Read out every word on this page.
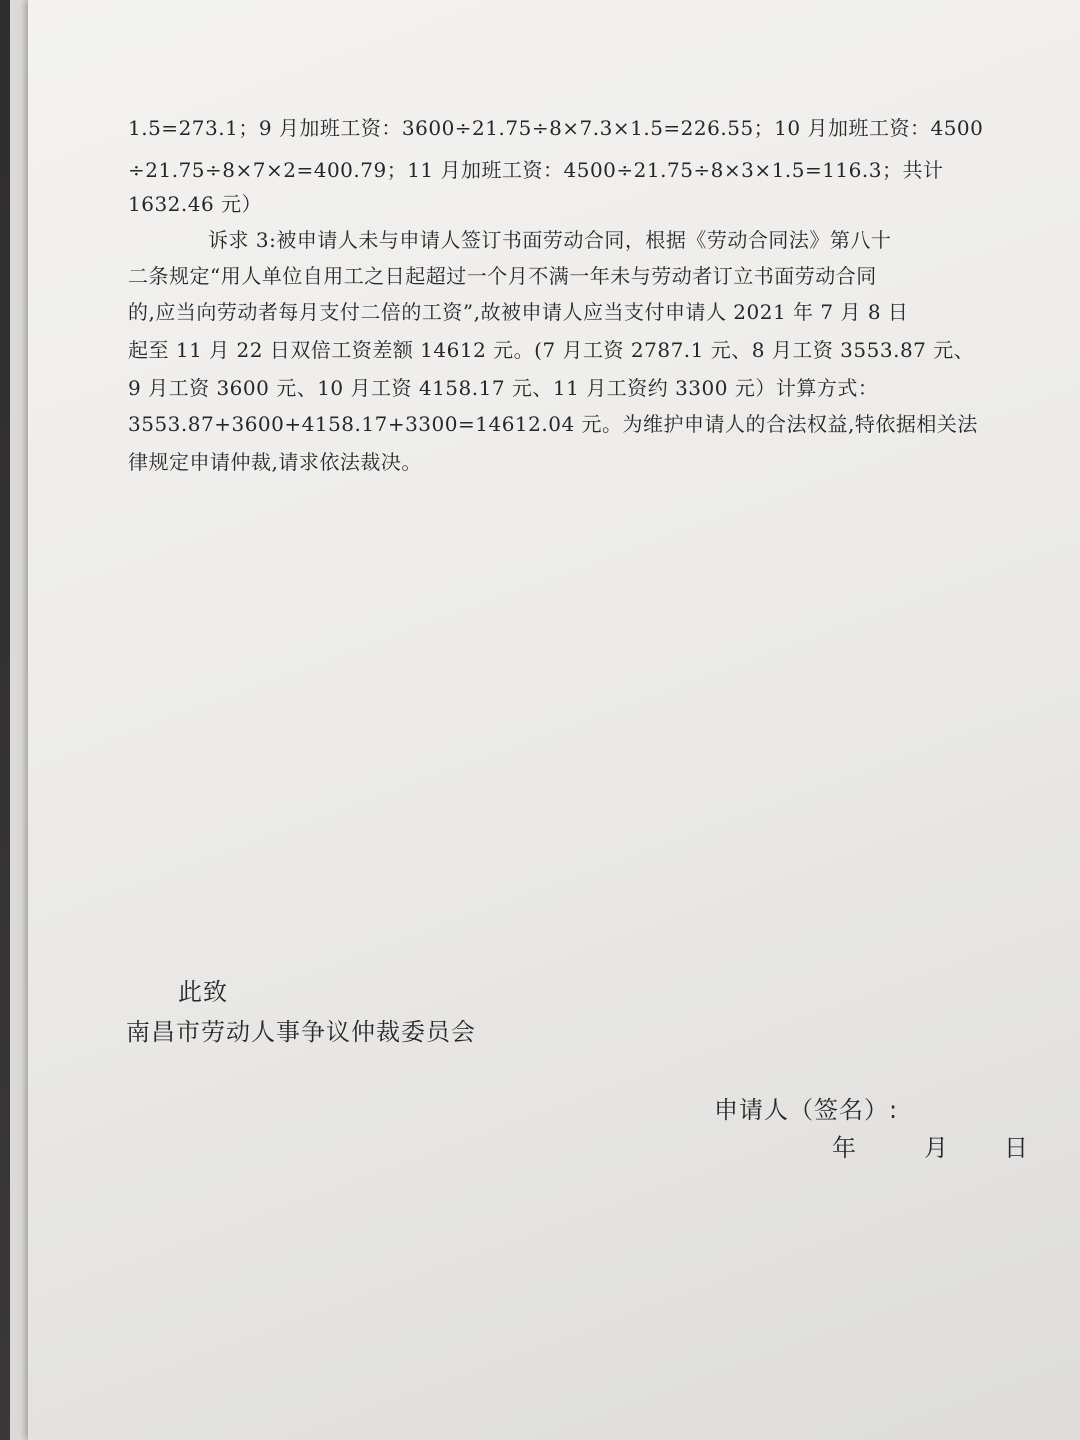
1.5=273.1；9 月加班工资：3600÷21.75÷8×7.3×1.5=226.55；10 月加班工资：4500
÷21.75÷8×7×2=400.79；11 月加班工资：4500÷21.75÷8×3×1.5=116.3；共计
1632.46 元）
诉求 3:被申请人未与申请人签订书面劳动合同，根据《劳动合同法》第八十
二条规定“用人单位自用工之日起超过一个月不满一年未与劳动者订立书面劳动合同
的,应当向劳动者每月支付二倍的工资”,故被申请人应当支付申请人 2021 年 7 月 8 日
起至 11 月 22 日双倍工资差额 14612 元。(7 月工资 2787.1 元、8 月工资 3553.87 元、
9 月工资 3600 元、10 月工资 4158.17 元、11 月工资约 3300 元）计算方式：
3553.87+3600+4158.17+3300=14612.04 元。为维护申请人的合法权益,特依据相关法
律规定申请仲裁,请求依法裁决。
此致
南昌市劳动人事争议仲裁委员会
申请人（签名）:
年	月 日
